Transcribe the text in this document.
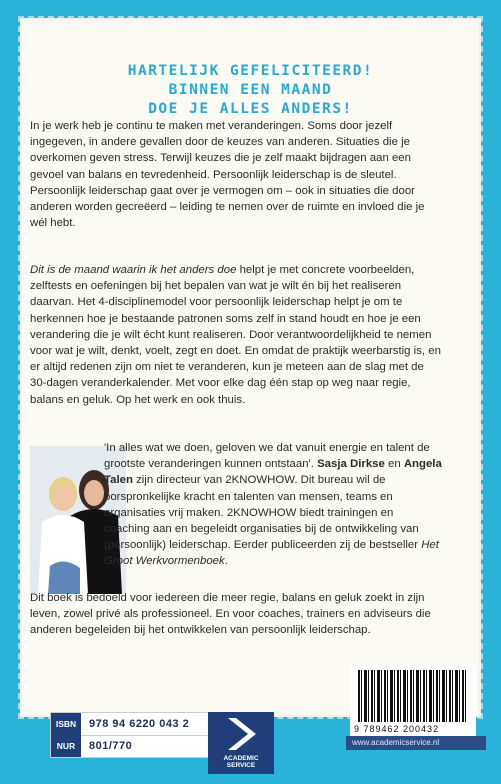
HARTELIJK GEFELICITEERD!
BINNEN EEN MAAND
DOE JE ALLES ANDERS!
In je werk heb je continu te maken met veranderingen. Soms door jezelf ingegeven, in andere gevallen door de keuzes van anderen. Situaties die je overkomen geven stress. Terwijl keuzes die je zelf maakt bijdragen aan een gevoel van balans en tevredenheid. Persoonlijk leiderschap is de sleutel. Persoonlijk leiderschap gaat over je vermogen om – ook in situaties die door anderen worden gecreëerd – leiding te nemen over de ruimte en invloed die je wél hebt.
Dit is de maand waarin ik het anders doe helpt je met concrete voorbeelden, zelftests en oefeningen bij het bepalen van wat je wilt én bij het realiseren daarvan. Het 4-disciplinemodel voor persoonlijk leiderschap helpt je om te herkennen hoe je bestaande patronen soms zelf in stand houdt en hoe je een verandering die je wilt écht kunt realiseren. Door verantwoordelijkheid te nemen voor wat je wilt, denkt, voelt, zegt en doet. En omdat de praktijk weerbarstig is, en er altijd redenen zijn om niet te veranderen, kun je meteen aan de slag met de 30-dagen veranderkalender. Met voor elke dag één stap op weg naar regie, balans en geluk. Op het werk en ook thuis.
'In alles wat we doen, geloven we dat vanuit energie en talent de grootste veranderingen kunnen ontstaan'. Sasja Dirkse en Angela Talen zijn directeur van 2KNOWHOW. Dit bureau wil de oorspronkelijke kracht en talenten van mensen, teams en organisaties vrij maken. 2KNOWHOW biedt trainingen en coaching aan en begeleidt organisaties bij de ontwikkeling van (persoonlijk) leiderschap. Eerder publiceerden zij de bestseller Het Groot Werkvormenboek.
Dit boek is bedoeld voor iedereen die meer regie, balans en geluk zoekt in zijn leven, zowel privé als professioneel. En voor coaches, trainers en adviseurs die anderen begeleiden bij het ontwikkelen van persoonlijk leiderschap.
9 789462 200432
ISBN	978 94 6220 043 2
NUR	801/770
ACADEMIC
SERVICE
www.academicservice.nl
